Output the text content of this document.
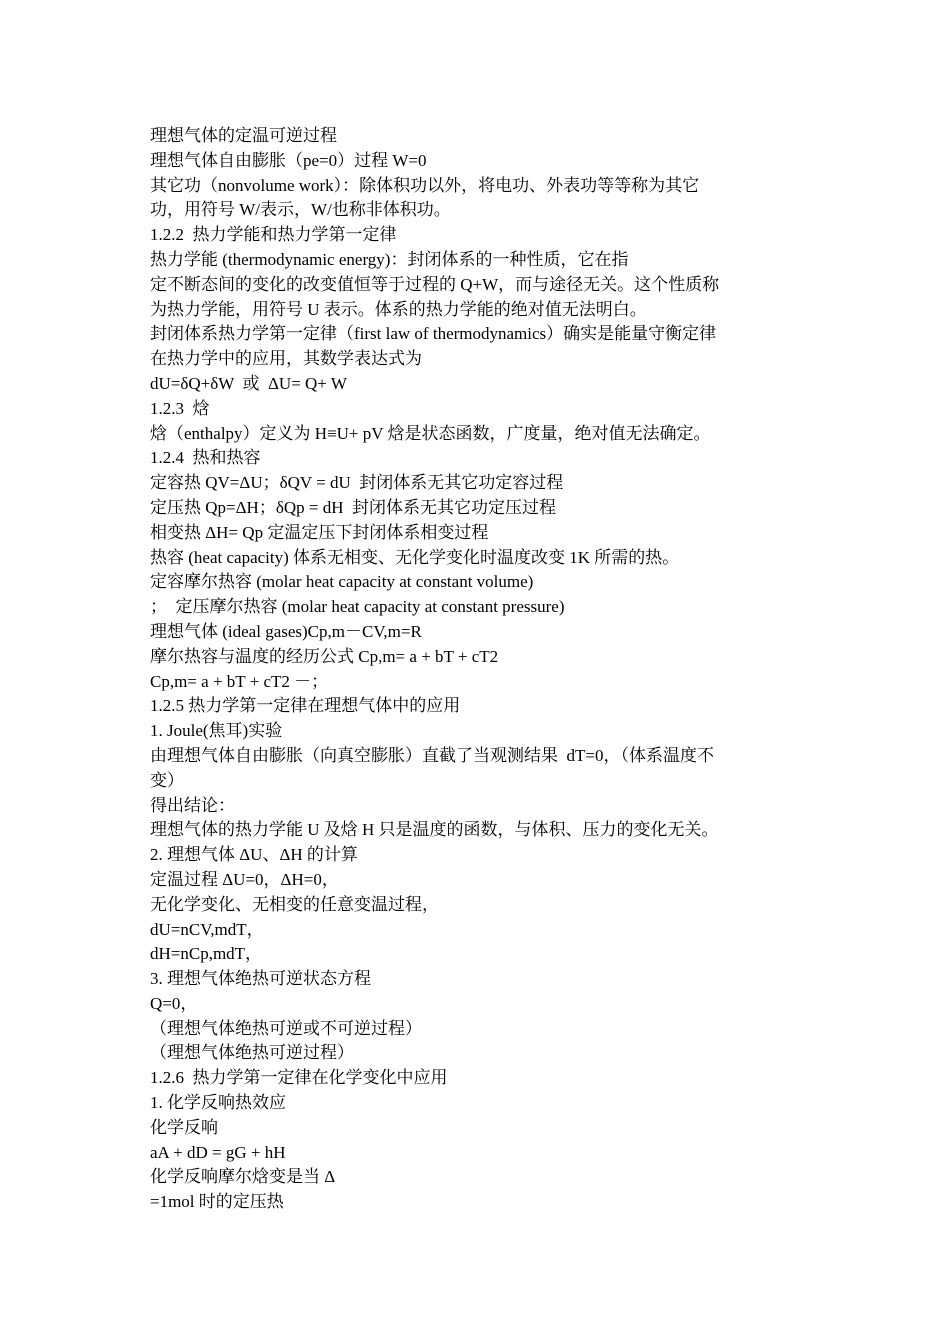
理想气体的定温可逆过程

理想气体自由膨胀（pe=0）过程 W=0

其它功（nonvolume work）：除体积功以外，将电功、外表功等等称为其它

功，用符号 W/表示，W/也称非体积功。

1.2.2  热力学能和热力学第一定律

热力学能 (thermodynamic energy)：封闭体系的一种性质，它在指

定不断态间的变化的改变值恒等于过程的 Q+W，而与途径无关。这个性质称

为热力学能，用符号 U 表示。体系的热力学能的绝对值无法明白。

封闭体系热力学第一定律（first law of thermodynamics）确实是能量守衡定律

在热力学中的应用，其数学表达式为

dU=δQ+δW  或  ΔU= Q+ W

1.2.3  焓

焓（enthalpy）定义为 H≡U+ pV 焓是状态函数，广度量，绝对值无法确定。

1.2.4  热和热容

定容热 QV=ΔU；δQV = dU  封闭体系无其它功定容过程

定压热 Qp=ΔH；δQp = dH  封闭体系无其它功定压过程

相变热 ΔH= Qp 定温定压下封闭体系相变过程

热容 (heat capacity) 体系无相变、无化学变化时温度改变 1K 所需的热。

定容摩尔热容 (molar heat capacity at constant volume)

；  定压摩尔热容 (molar heat capacity at constant pressure)

理想气体 (ideal gases)Cp,m－CV,m=R

摩尔热容与温度的经历公式 Cp,m= a + bT + cT2

Cp,m= a + bT + cT2 －；

1.2.5 热力学第一定律在理想气体中的应用

1. Joule(焦耳)实验

由理想气体自由膨胀（向真空膨胀）直截了当观测结果  dT=0，（体系温度不

变）

得出结论：

理想气体的热力学能 U 及焓 H 只是温度的函数，与体积、压力的变化无关。

2. 理想气体 ΔU、ΔH 的计算

定温过程 ΔU=0，ΔH=0，

无化学变化、无相变的任意变温过程，

dU=nCV,mdT，

dH=nCp,mdT，

3. 理想气体绝热可逆状态方程

Q=0，

（理想气体绝热可逆或不可逆过程）

（理想气体绝热可逆过程）

1.2.6  热力学第一定律在化学变化中应用

1. 化学反响热效应

化学反响

aA + dD = gG + hH

化学反响摩尔焓变是当 Δ

=1mol 时的定压热
